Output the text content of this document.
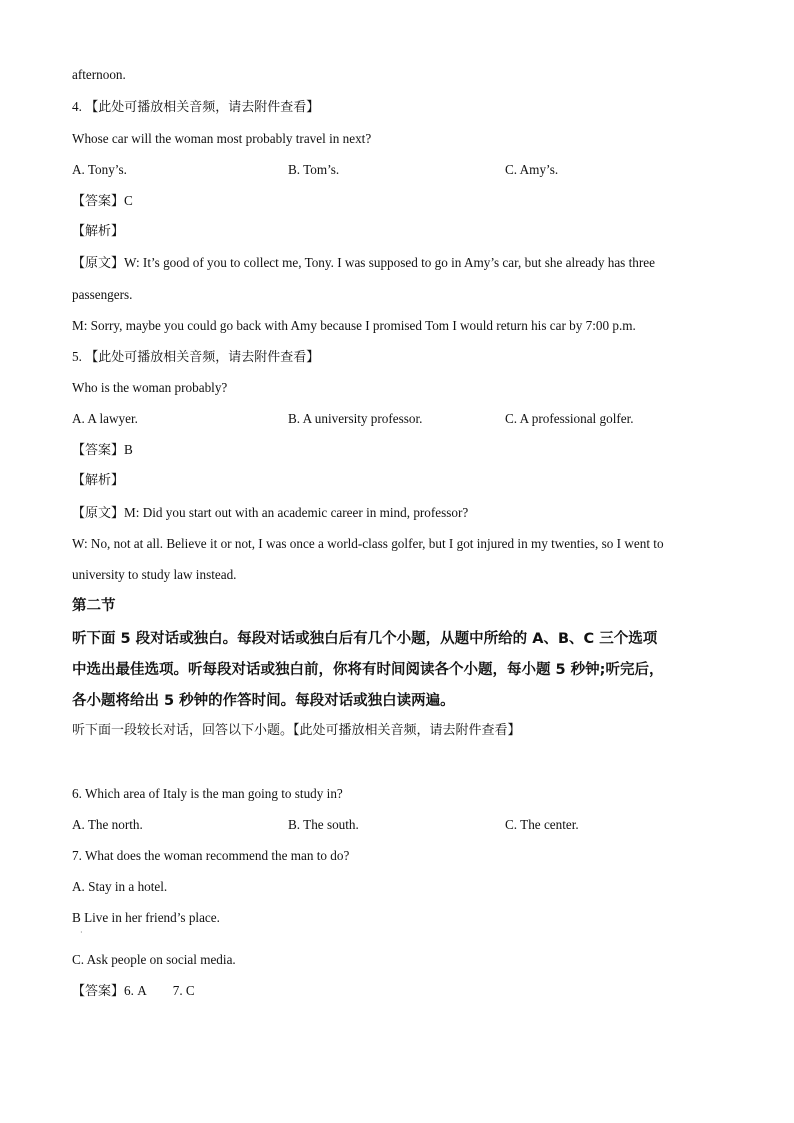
afternoon.
4. 【此处可播放相关音频，请去附件查看】
Whose car will the woman most probably travel in next?
A. Tony’s.	B. Tom’s.	C. Amy’s.
【答案】C
【解析】
【原文】W: It’s good of you to collect me, Tony. I was supposed to go in Amy’s car, but she already has three
passengers.
M: Sorry, maybe you could go back with Amy because I promised Tom I would return his car by 7:00 p.m.
5. 【此处可播放相关音频，请去附件查看】
Who is the woman probably?
A. A lawyer.	B. A university professor.	C. A professional golfer.
【答案】B
【解析】
【原文】M: Did you start out with an academic career in mind, professor?
W: No, not at all. Believe it or not, I was once a world-class golfer, but I got injured in my twenties, so I went to
university to study law instead.
第二节
听下面 5 段对话或独白。每段对话或独白后有几个小题，从题中所给的 A、B、C 三个选项
中选出最佳选项。听每段对话或独白前，你将有时间阅读各个小题，每小题 5 秒钟;听完后，
各小题将给出 5 秒钟的作答时间。每段对话或独白读两遍。
听下面一段较长对话，回答以下小题。【此处可播放相关音频，请去附件查看】
6. Which area of Italy is the man going to study in?
A. The north.	B. The south.	C. The center.
7. What does the woman recommend the man to do?
A. Stay in a hotel.
B Live in her friend’s place.
·
C. Ask people on social media.
【答案】6. A 7. C
